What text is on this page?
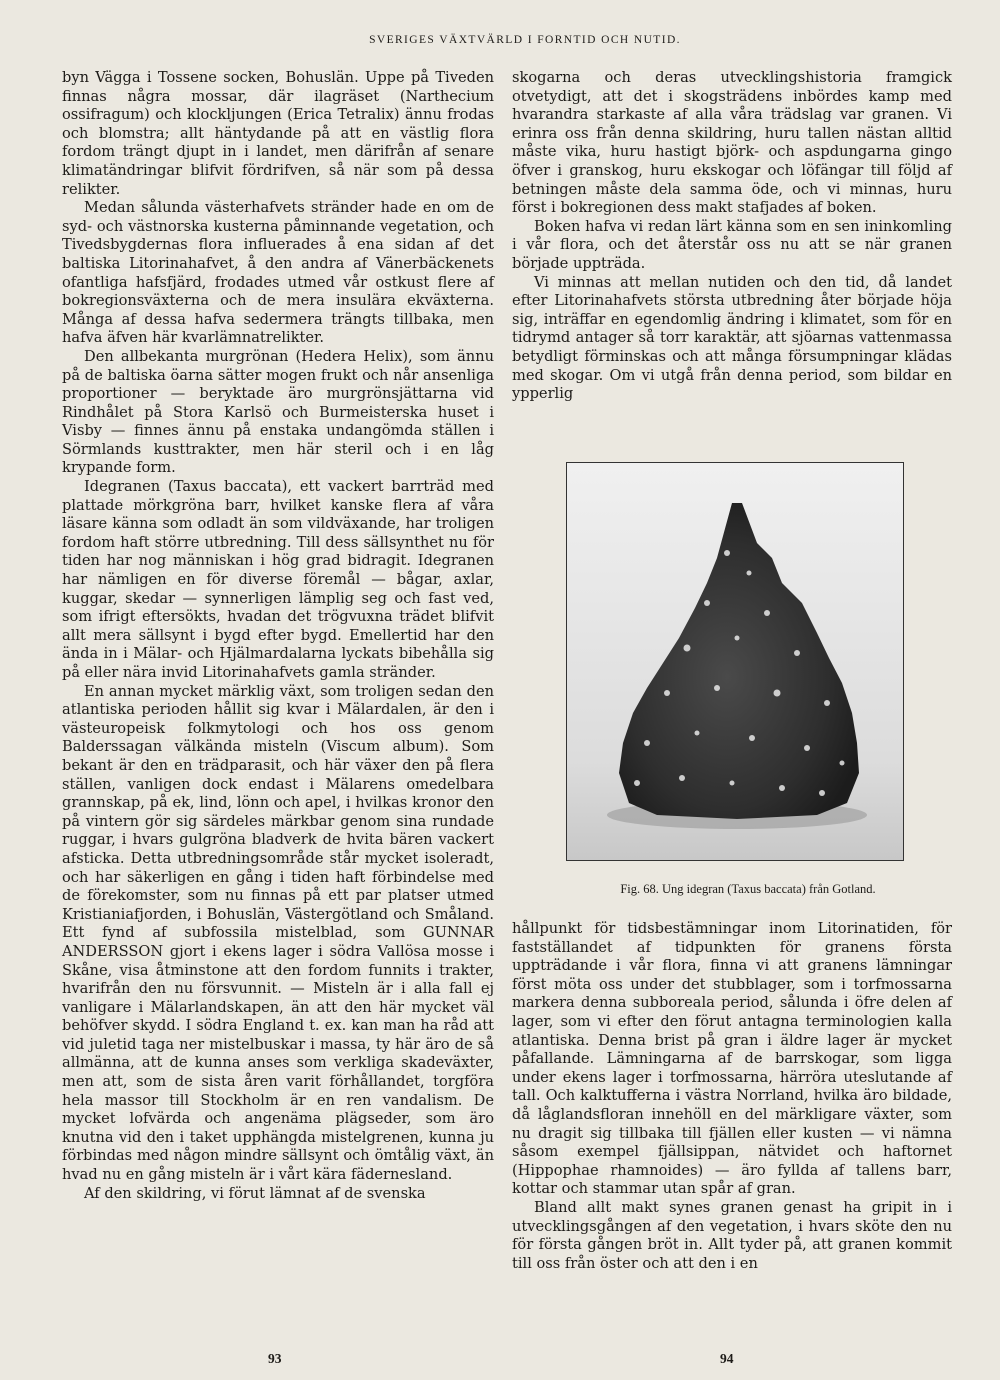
SVERIGES VÄXTVÄRLD I FORNTID OCH NUTID.

byn Vägga i Tossene socken, Bohuslän. Uppe på Tiveden finnas några mossar, där ilagräset (Narthecium ossifragum) och klockljungen (Erica Tetralix) ännu frodas och blomstra; allt häntydande på att en västlig flora fordom trängt djupt in i landet, men därifrån af senare klimatändringar blifvit fördrifven, så när som på dessa relikter.

Medan sålunda västerhafvets stränder hade en om de syd- och västnorska kusterna påminnande vegetation, och Tivedsbygdernas flora influerades å ena sidan af det baltiska Litorinahafvet, å den andra af Vänerbäckenets ofantliga hafsfjärd, frodades utmed vår ostkust flere af bokregionsväxterna och de mera insulära ekväxterna. Många af dessa hafva sedermera trängts tillbaka, men hafva äfven här kvarlämnatrelikter.

Den allbekanta murgrönan (Hedera Helix), som ännu på de baltiska öarna sätter mogen frukt och når ansenliga proportioner — beryktade äro murgrönsjättarna vid Rindhålet på Stora Karlsö och Burmeisterska huset i Visby — finnes ännu på enstaka undangömda ställen i Sörmlands kusttrakter, men här steril och i en låg krypande form.

Idegranen (Taxus baccata), ett vackert barrträd med plattade mörkgröna barr, hvilket kanske flera af våra läsare känna som odladt än som vildväxande, har troligen fordom haft större utbredning. Till dess sällsynthet nu för tiden har nog människan i hög grad bidragit. Idegranen har nämligen en för diverse föremål — bågar, axlar, kuggar, skedar — synnerligen lämplig seg och fast ved, som ifrigt eftersökts, hvadan det trögvuxna trädet blifvit allt mera sällsynt i bygd efter bygd. Emellertid har den ända in i Mälar- och Hjälmardalarna lyckats bibehålla sig på eller nära invid Litorinahafvets gamla stränder.

En annan mycket märklig växt, som troligen sedan den atlantiska perioden hållit sig kvar i Mälardalen, är den i västeuropeisk folkmytologi och hos oss genom Balderssagan välkända misteln (Viscum album). Som bekant är den en trädparasit, och här växer den på flera ställen, vanligen dock endast i Mälarens omedelbara grannskap, på ek, lind, lönn och apel, i hvilkas kronor den på vintern gör sig särdeles märkbar genom sina rundade ruggar, i hvars gulgröna bladverk de hvita bären vackert afsticka. Detta utbredningsområde står mycket isoleradt, och har säkerligen en gång i tiden haft förbindelse med de förekomster, som nu finnas på ett par platser utmed Kristianiafjorden, i Bohuslän, Västergötland och Småland. Ett fynd af subfossila mistelblad, som GUNNAR ANDERSSON gjort i ekens lager i södra Vallösa mosse i Skåne, visa åtminstone att den fordom funnits i trakter, hvarifrån den nu försvunnit. — Misteln är i alla fall ej vanligare i Mälarlandskapen, än att den här mycket väl behöfver skydd. I södra England t. ex. kan man ha råd att vid juletid taga ner mistelbuskar i massa, ty här äro de så allmänna, att de kunna anses som verkliga skadeväxter, men att, som de sista åren varit förhållandet, torgföra hela massor till Stockholm är en ren vandalism. De mycket lofvärda och angenäma plägseder, som äro knutna vid den i taket upphängda mistelgrenen, kunna ju förbindas med någon mindre sällsynt och ömtålig växt, än hvad nu en gång misteln är i vårt kära fädernesland.

Af den skildring, vi förut lämnat af de svenska

skogarna och deras utvecklingshistoria framgick otvetydigt, att det i skogsträdens inbördes kamp med hvarandra starkaste af alla våra trädslag var granen. Vi erinra oss från denna skildring, huru tallen nästan alltid måste vika, huru hastigt björk- och aspdungarna gingo öfver i granskog, huru ekskogar och löfängar till följd af betningen måste dela samma öde, och vi minnas, huru först i bokregionen dess makt stafjades af boken.

Boken hafva vi redan lärt känna som en sen ininkomling i vår flora, och det återstår oss nu att se när granen började uppträda.

Vi minnas att mellan nutiden och den tid, då landet efter Litorinahafvets största utbredning åter började höja sig, inträffar en egendomlig ändring i klimatet, som för en tidrymd antager så torr karaktär, att sjöarnas vattenmassa betydligt förminskas och att många försumpningar klädas med skogar. Om vi utgå från denna period, som bildar en ypperlig

Fig. 68. Ung idegran (Taxus baccata) från Gotland.

hållpunkt för tidsbestämningar inom Litorinatiden, för fastställandet af tidpunkten för granens första uppträdande i vår flora, finna vi att granens lämningar först möta oss under det stubblager, som i torfmossarna markera denna subboreala period, sålunda i öfre delen af lager, som vi efter den förut antagna terminologien kalla atlantiska. Denna brist på gran i äldre lager är mycket påfallande. Lämningarna af de barrskogar, som ligga under ekens lager i torfmossarna, härröra uteslutande af tall. Och kalktufferna i västra Norrland, hvilka äro bildade, då låglandsfloran innehöll en del märkligare växter, som nu dragit sig tillbaka till fjällen eller kusten — vi nämna såsom exempel fjällsippan, nätvidet och haftornet (Hippophae rhamnoides) — äro fyllda af tallens barr, kottar och stammar utan spår af gran.

Bland allt makt synes granen genast ha gripit in i utvecklingsgången af den vegetation, i hvars sköte den nu för första gången bröt in. Allt tyder på, att granen kommit till oss från öster och att den i en

93	94
